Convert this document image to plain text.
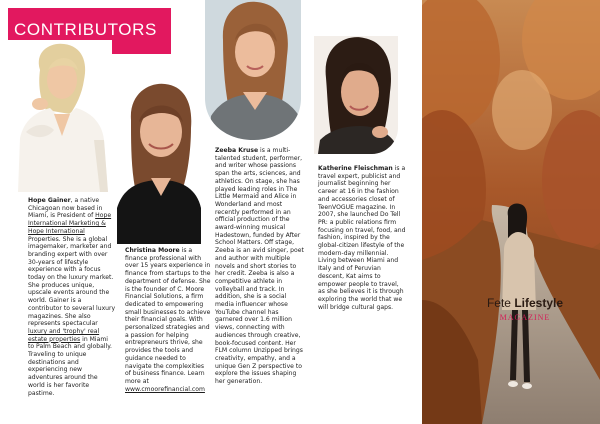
CONTRIBUTORS
Hope Gainer, a native Chicagoan now based in Miami, is President of Hope International Marketing & Hope International Properties. She is a global imagemaker, marketer and branding expert with over 30-years of lifestyle experience with a focus today on the luxury market. She produces unique, upscale events around the world. Gainer is a contributor to several luxury magazines. She also represents spectacular luxury and 'trophy' real estate properties in Miami to Palm Beach and globally. Traveling to unique destinations and experiencing new adventures around the world is her favorite pastime.
Christina Moore is a finance professional with over 15 years experience in finance from startups to the department of defense. She is the founder of C. Moore Financial Solutions, a firm dedicated to empowering small businesses to achieve their financial goals. With personalized strategies and a passion for helping entrepreneurs thrive, she provides the tools and guidance needed to navigate the complexities of business finance. Learn more at www.cmoorefinancial.com
Zeeba Kruse is a multi-talented student, performer, and writer whose passions span the arts, sciences, and athletics. On stage, she has played leading roles in The Little Mermaid and Alice in Wonderland and most recently performed in an official production of the award-winning musical Hadestown, funded by After School Matters. Off stage, Zeeba is an avid singer, poet and author with multiple novels and short stories to her credit. Zeeba is also a competitive athlete in volleyball and track. In addition, she is a social media influencer whose YouTube channel has garnered over 1.6 million views, connecting with audiences through creative, book-focused content. Her FLM column Unzipped brings creativity, empathy, and a unique Gen Z perspective to explore the issues shaping her generation.
Katherine Fleischman is a travel expert, publicist and journalist beginning her career at 16 in the fashion and accessories closet of TeenVOGUE magazine. In 2007, she launched Do Tell PR: a public relations firm focusing on travel, food, and fashion, inspired by the global-citizen lifestyle of the modern-day millennial. Living between Miami and Italy and of Peruvian descent, Kat aims to empower people to travel, as she believes it is through exploring the world that we will bridge cultural gaps.	Fete Lifestyle
MAGAZINE
